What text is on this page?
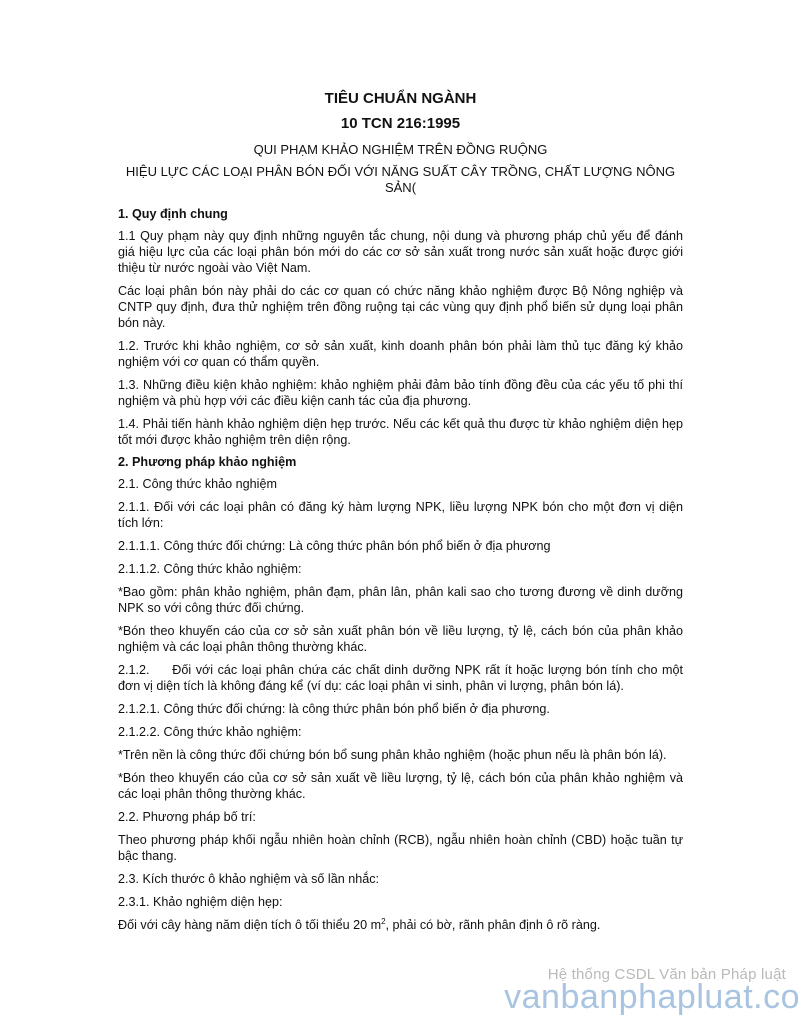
TIÊU CHUẨN NGÀNH
10 TCN 216:1995
QUI PHẠM KHẢO NGHIỆM TRÊN ĐỒNG RUỘNG
HIỆU LỰC CÁC LOẠI PHÂN BÓN ĐỐI VỚI NĂNG SUẤT CÂY TRỒNG, CHẤT LƯỢNG NÔNG SẢN(
1. Quy định chung

1.1 Quy phạm này quy định những nguyên tắc chung, nội dung và phương pháp chủ yếu để đánh giá hiệu lực của các loại phân bón mới do các cơ sở sản xuất trong nước sản xuất hoặc được giới thiệu từ nước ngoài vào Việt Nam.

Các loại phân bón này phải do các cơ quan có chức năng khảo nghiệm được Bộ Nông nghiệp và CNTP quy định, đưa thử nghiệm trên đồng ruộng tại các vùng quy định phổ biến sử dụng loại phân bón này.

1.2. Trước khi khảo nghiệm, cơ sở sản xuất, kinh doanh phân bón phải làm thủ tục đăng ký khảo nghiệm với cơ quan có thẩm quyền.

1.3. Những điều kiện khảo nghiệm: khảo nghiệm phải đảm bảo tính đồng đều của các yếu tố phi thí nghiệm và phù hợp với các điều kiện canh tác của địa phương.

1.4. Phải tiến hành khảo nghiệm diện hẹp trước. Nếu các kết quả thu được từ khảo nghiệm diện hẹp tốt mới được khảo nghiệm trên diện rộng.

2. Phương pháp khảo nghiệm

2.1. Công thức khảo nghiệm

2.1.1. Đối với các loại phân có đăng ký hàm lượng NPK, liều lượng NPK bón cho một đơn vị diện tích lớn:

2.1.1.1. Công thức đối chứng: Là công thức phân bón phổ biến ở địa phương

2.1.1.2. Công thức khảo nghiệm:

*Bao gồm: phân khảo nghiệm, phân đạm, phân lân, phân kali sao cho tương đương về dinh dưỡng NPK so với công thức đối chứng.

*Bón theo khuyến cáo của cơ sở sản xuất phân bón về liều lượng, tỷ lệ, cách bón của phân khảo nghiệm và các loại phân thông thường khác.

2.1.2.     Đối với các loại phân chứa các chất dinh dưỡng NPK rất ít hoặc lượng bón tính cho một đơn vị diện tích là không đáng kể (ví dụ: các loại phân vi sinh, phân vi lượng, phân bón lá).

2.1.2.1. Công thức đối chứng: là công thức phân bón phổ biến ở địa phương.

2.1.2.2. Công thức khảo nghiệm:

*Trên nền là công thức đối chứng bón bổ sung phân khảo nghiệm (hoặc phun nếu là phân bón lá).

*Bón theo khuyến cáo của cơ sở sản xuất về liều lượng, tỷ lệ, cách bón của phân khảo nghiệm và các loại phân thông thường khác.

2.2. Phương pháp bố trí:

Theo phương pháp khối ngẫu nhiên hoàn chỉnh (RCB), ngẫu nhiên hoàn chỉnh (CBD) hoặc tuần tự bậc thang.

2.3. Kích thước ô khảo nghiệm và số lần nhắc:

2.3.1. Khảo nghiệm diện hẹp:

Đối với cây hàng năm diện tích ô tối thiểu 20 $m^2$, phải có bờ, rãnh phân định ô rõ ràng.

Hệ thống CSDL Văn bản Pháp luật
vanbanphapluat.co
